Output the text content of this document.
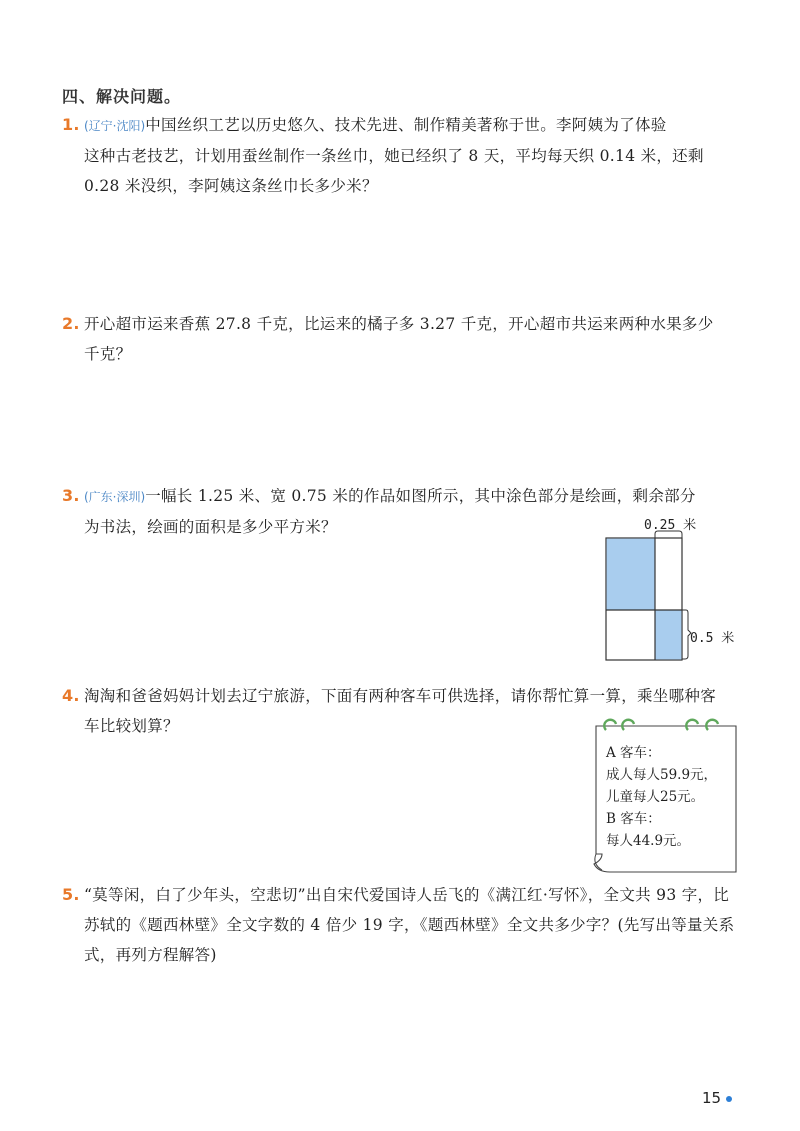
四、解决问题。
1. (辽宁·沈阳)中国丝织工艺以历史悠久、技术先进、制作精美著称于世。李阿姨为了体验
这种古老技艺，计划用蚕丝制作一条丝巾，她已经织了 8 天，平均每天织 0.14 米，还剩
0.28 米没织，李阿姨这条丝巾长多少米？
2. 开心超市运来香蕉 27.8 千克，比运来的橘子多 3.27 千克，开心超市共运来两种水果多少
千克？
3. (广东·深圳)一幅长 1.25 米、宽 0.75 米的作品如图所示，其中涂色部分是绘画，剩余部分
为书法，绘画的面积是多少平方米？	0.25 米
0.5 米
4. 淘淘和爸爸妈妈计划去辽宁旅游，下面有两种客车可供选择，请你帮忙算一算，乘坐哪种客
车比较划算？
A 客车：
成人每人59.9元，
儿童每人25元。
B 客车：
每人44.9元。
5. “莫等闲，白了少年头，空悲切”出自宋代爱国诗人岳飞的《满江红·写怀》，全文共 93 字，比
苏轼的《题西林壁》全文字数的 4 倍少 19 字，《题西林壁》全文共多少字？(先写出等量关系
式，再列方程解答)
15
